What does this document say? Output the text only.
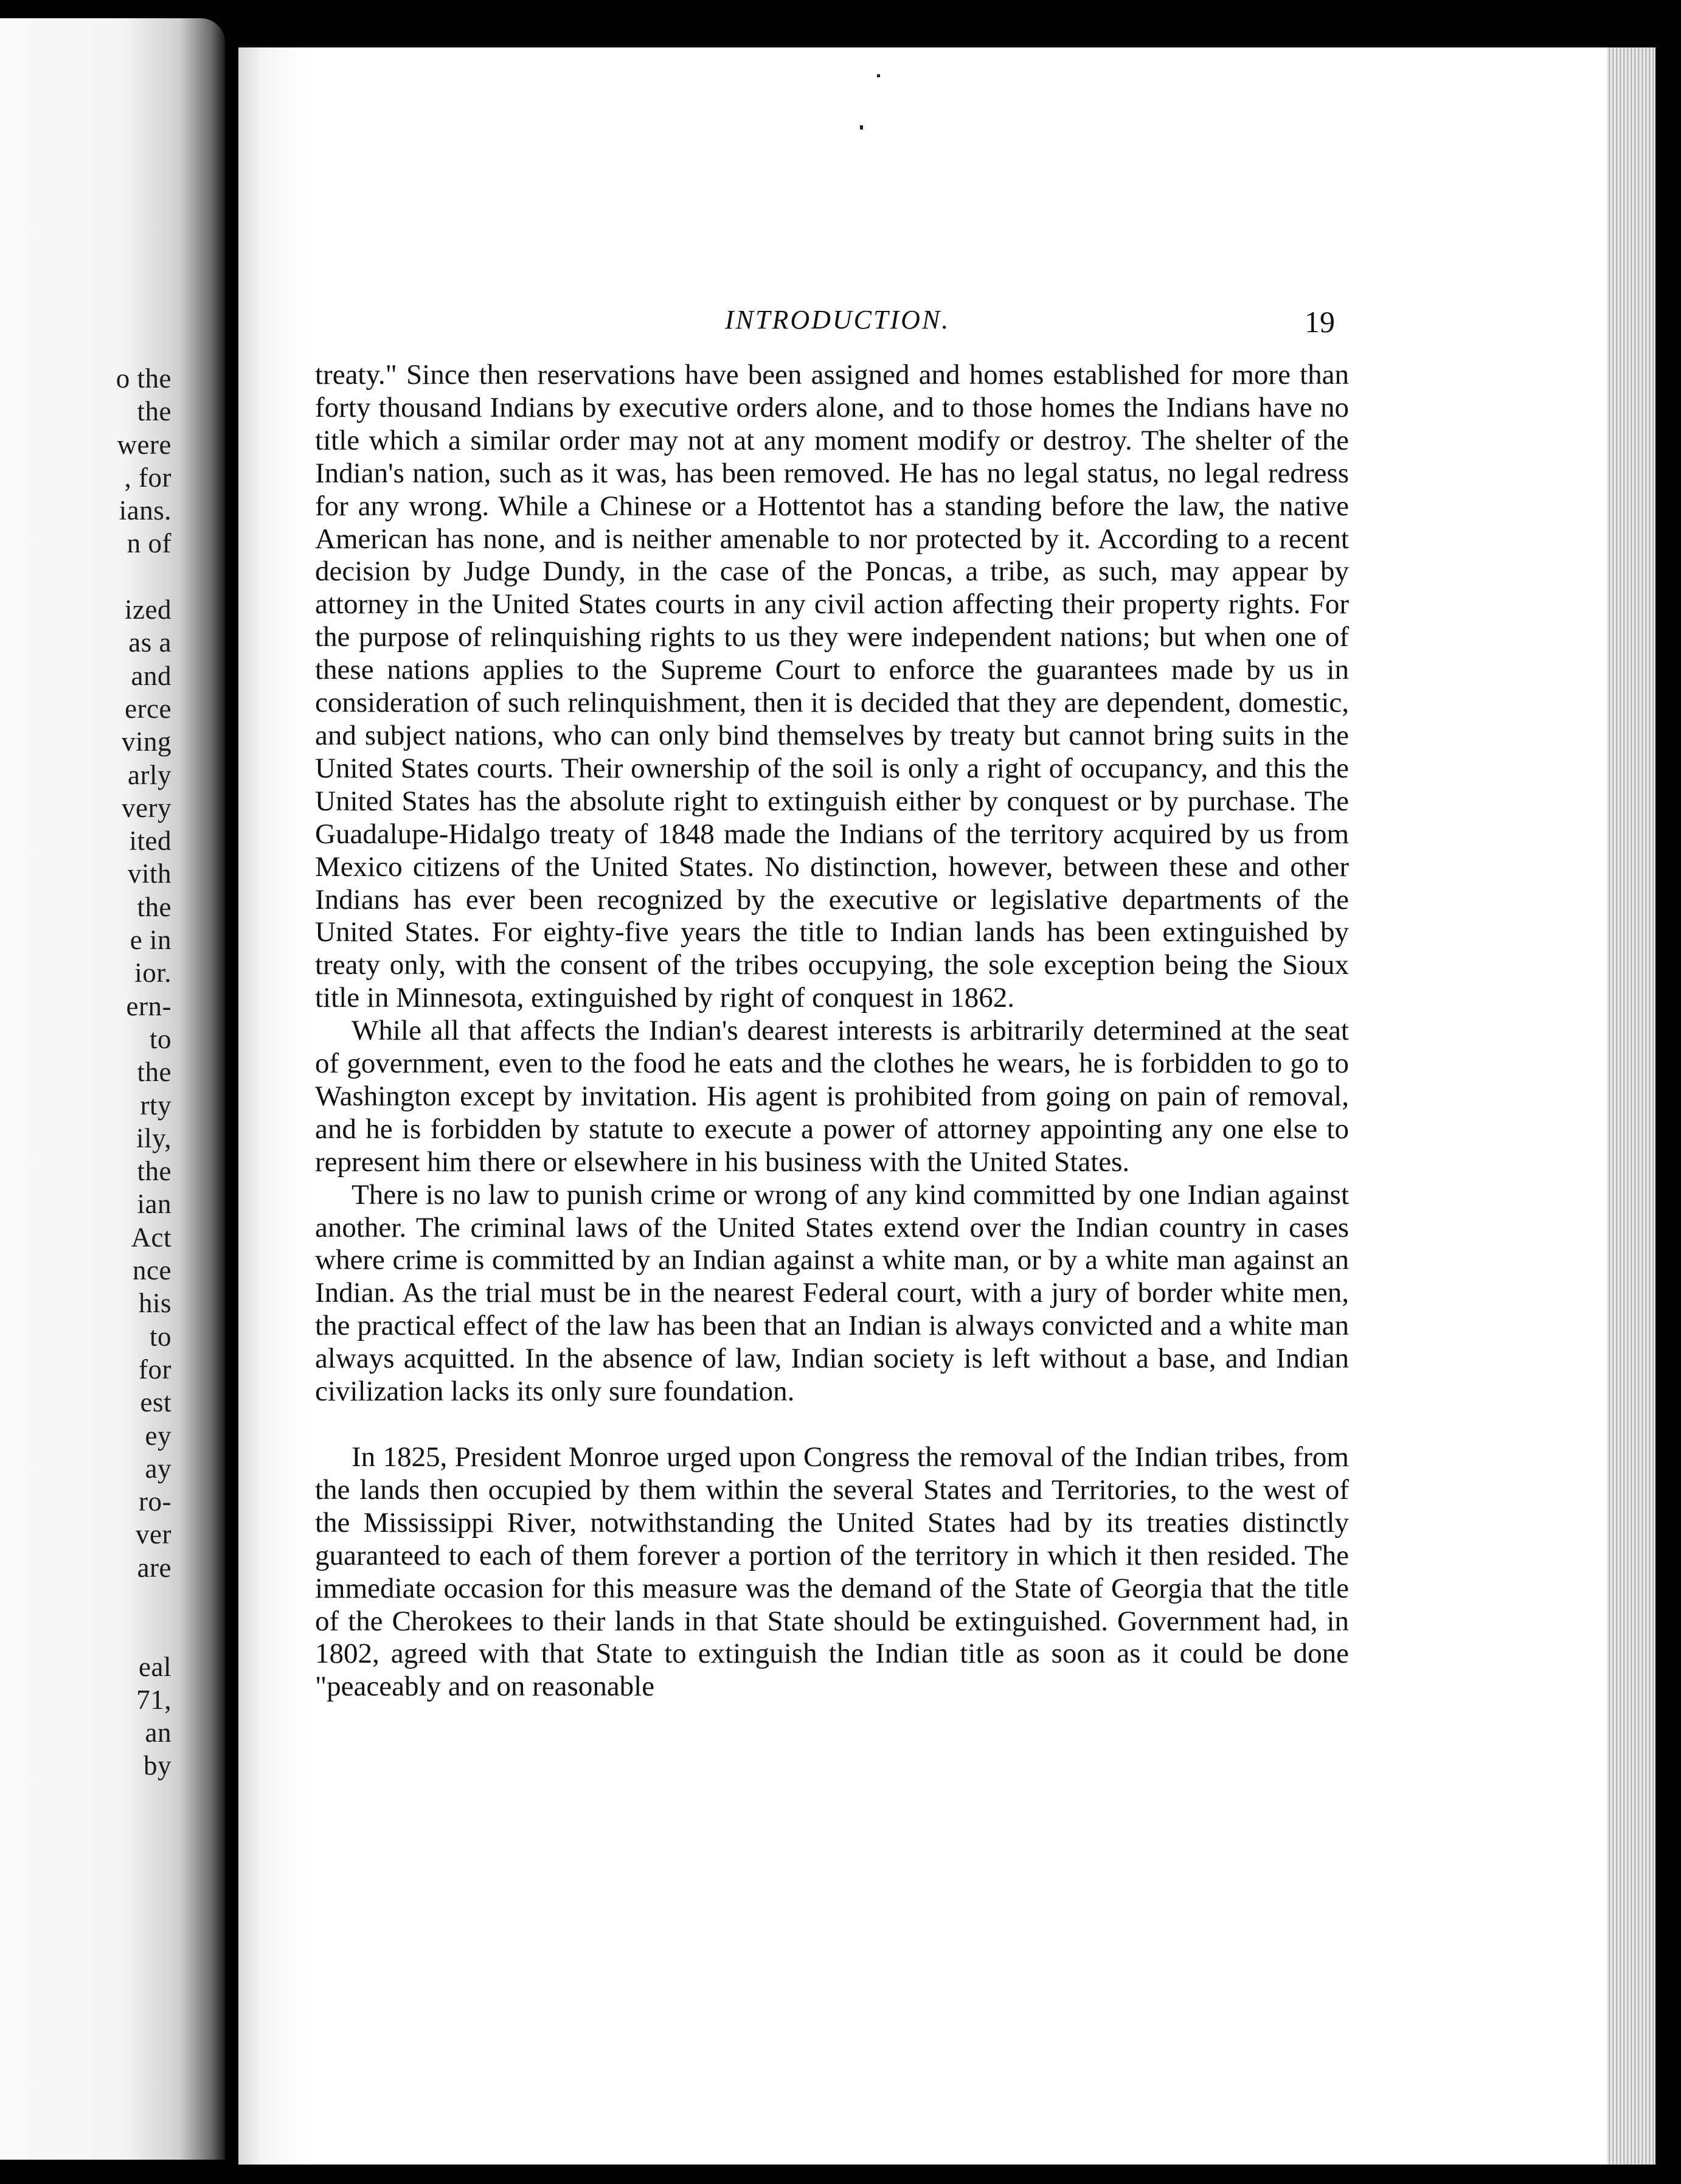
o the
the
were
, for
ians.
n of
ized
as a
and
erce
ving
arly
very
ited
vith
the
e in
ior.
ern-
to
the
rty
ily,
the
ian
Act
nce
his
to
for
est
ey
ay
ro-
ver
are
eal
71,
an
by
INTRODUCTION.	19

treaty." Since then reservations have been assigned and homes established for more than forty thousand Indians by executive orders alone, and to those homes the Indians have no title which a similar order may not at any moment modify or destroy. The shelter of the Indian's nation, such as it was, has been removed. He has no legal status, no legal redress for any wrong. While a Chinese or a Hottentot has a standing before the law, the native American has none, and is neither amenable to nor protected by it. According to a recent decision by Judge Dundy, in the case of the Poncas, a tribe, as such, may appear by attorney in the United States courts in any civil action affecting their property rights. For the purpose of relinquishing rights to us they were independent nations; but when one of these nations applies to the Supreme Court to enforce the guarantees made by us in consideration of such relinquishment, then it is decided that they are dependent, domestic, and subject nations, who can only bind themselves by treaty but cannot bring suits in the United States courts. Their ownership of the soil is only a right of occupancy, and this the United States has the absolute right to extinguish either by conquest or by purchase. The Guadalupe-Hidalgo treaty of 1848 made the Indians of the territory acquired by us from Mexico citizens of the United States. No distinction, however, between these and other Indians has ever been recognized by the executive or legislative departments of the United States. For eighty-five years the title to Indian lands has been extinguished by treaty only, with the consent of the tribes occupying, the sole exception being the Sioux title in Minnesota, extinguished by right of conquest in 1862.

While all that affects the Indian's dearest interests is arbitrarily determined at the seat of government, even to the food he eats and the clothes he wears, he is forbidden to go to Washington except by invitation. His agent is prohibited from going on pain of removal, and he is forbidden by statute to execute a power of attorney appointing any one else to represent him there or elsewhere in his business with the United States.

There is no law to punish crime or wrong of any kind committed by one Indian against another. The criminal laws of the United States extend over the Indian country in cases where crime is committed by an Indian against a white man, or by a white man against an Indian. As the trial must be in the nearest Federal court, with a jury of border white men, the practical effect of the law has been that an Indian is always convicted and a white man always acquitted. In the absence of law, Indian society is left without a base, and Indian civilization lacks its only sure foundation.

In 1825, President Monroe urged upon Congress the removal of the Indian tribes, from the lands then occupied by them within the several States and Territories, to the west of the Mississippi River, notwithstanding the United States had by its treaties distinctly guaranteed to each of them forever a portion of the territory in which it then resided. The immediate occasion for this measure was the demand of the State of Georgia that the title of the Cherokees to their lands in that State should be extinguished. Government had, in 1802, agreed with that State to extinguish the Indian title as soon as it could be done "peaceably and on reasonable
